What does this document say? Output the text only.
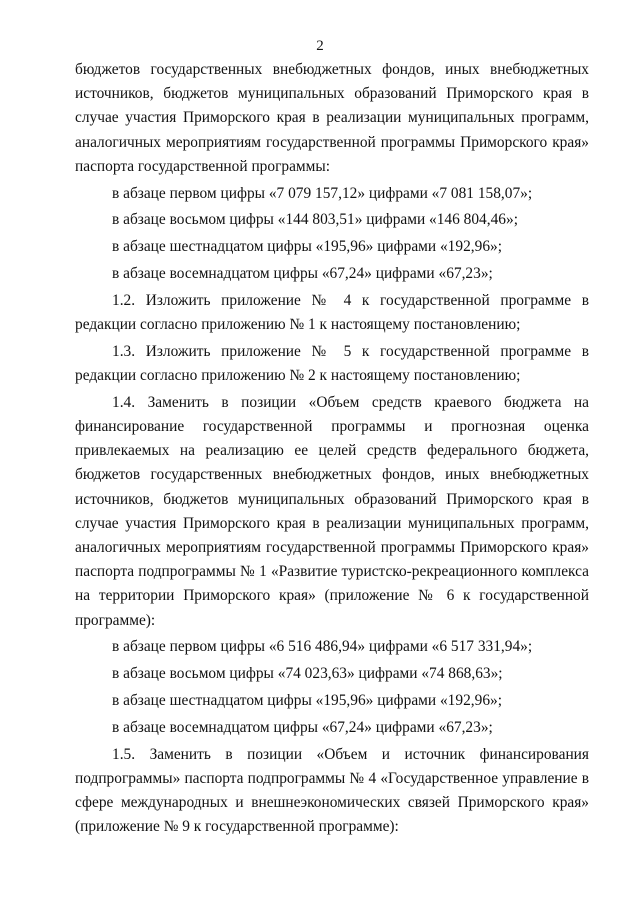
2

бюджетов государственных внебюджетных фондов, иных внебюджетных источников, бюджетов муниципальных образований Приморского края в случае участия Приморского края в реализации муниципальных программ, аналогичных мероприятиям государственной программы Приморского края» паспорта государственной программы:

в абзаце первом цифры «7 079 157,12» цифрами «7 081 158,07»;

в абзаце восьмом цифры «144 803,51» цифрами «146 804,46»;

в абзаце шестнадцатом цифры «195,96» цифрами «192,96»;

в абзаце восемнадцатом цифры «67,24» цифрами «67,23»;

1.2. Изложить приложение № 4 к государственной программе в редакции согласно приложению № 1 к настоящему постановлению;

1.3. Изложить приложение № 5 к государственной программе в редакции согласно приложению № 2 к настоящему постановлению;

1.4. Заменить в позиции «Объем средств краевого бюджета на финансирование государственной программы и прогнозная оценка привлекаемых на реализацию ее целей средств федерального бюджета, бюджетов государственных внебюджетных фондов, иных внебюджетных источников, бюджетов муниципальных образований Приморского края в случае участия Приморского края в реализации муниципальных программ, аналогичных мероприятиям государственной программы Приморского края» паспорта подпрограммы № 1 «Развитие туристско-рекреационного комплекса на территории Приморского края» (приложение № 6 к государственной программе):

в абзаце первом цифры «6 516 486,94» цифрами «6 517 331,94»;

в абзаце восьмом цифры «74 023,63» цифрами «74 868,63»;

в абзаце шестнадцатом цифры «195,96» цифрами «192,96»;

в абзаце восемнадцатом цифры «67,24» цифрами «67,23»;

1.5. Заменить в позиции «Объем и источник финансирования подпрограммы» паспорта подпрограммы № 4 «Государственное управление в сфере международных и внешнеэкономических связей Приморского края» (приложение № 9 к государственной программе):
